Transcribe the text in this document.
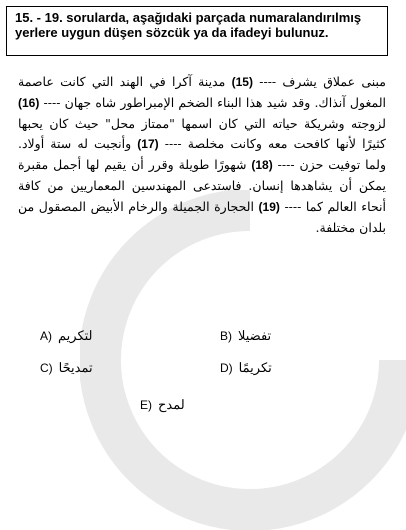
15. - 19. sorularda, aşağıdaki parçada numaralandırılmış yerlere uygun düşen sözcük ya da ifadeyi bulunuz.

مبنى عملاق يشرف ---- (15) مدينة آكرا في الهند التي كانت عاصمة المغول آنذاك. وقد شيد هذا البناء الضخم الإمبراطور شاه جهان ---- (16) لزوجته وشريكة حياته التي كان اسمها "ممتاز محل" حيث كان يحبها كثيرًا لأنها كافحت معه وكانت مخلصة ---- (17) وأنجبت له ستة أولاد. ولما توفيت حزن ---- (18) شهورًا طويلة وقرر أن يقيم لها أجمل مقبرة يمكن أن يشاهدها إنسان. فاستدعى المهندسين المعماريين من كافة أنحاء العالم كما ---- (19) الحجارة الجميلة والرخام الأبيض المصقول من بلدان مختلفة.

A) لتكريم	B) تفضيلا
C) تمديحًا	D) تكريمًا
E) لمدح
